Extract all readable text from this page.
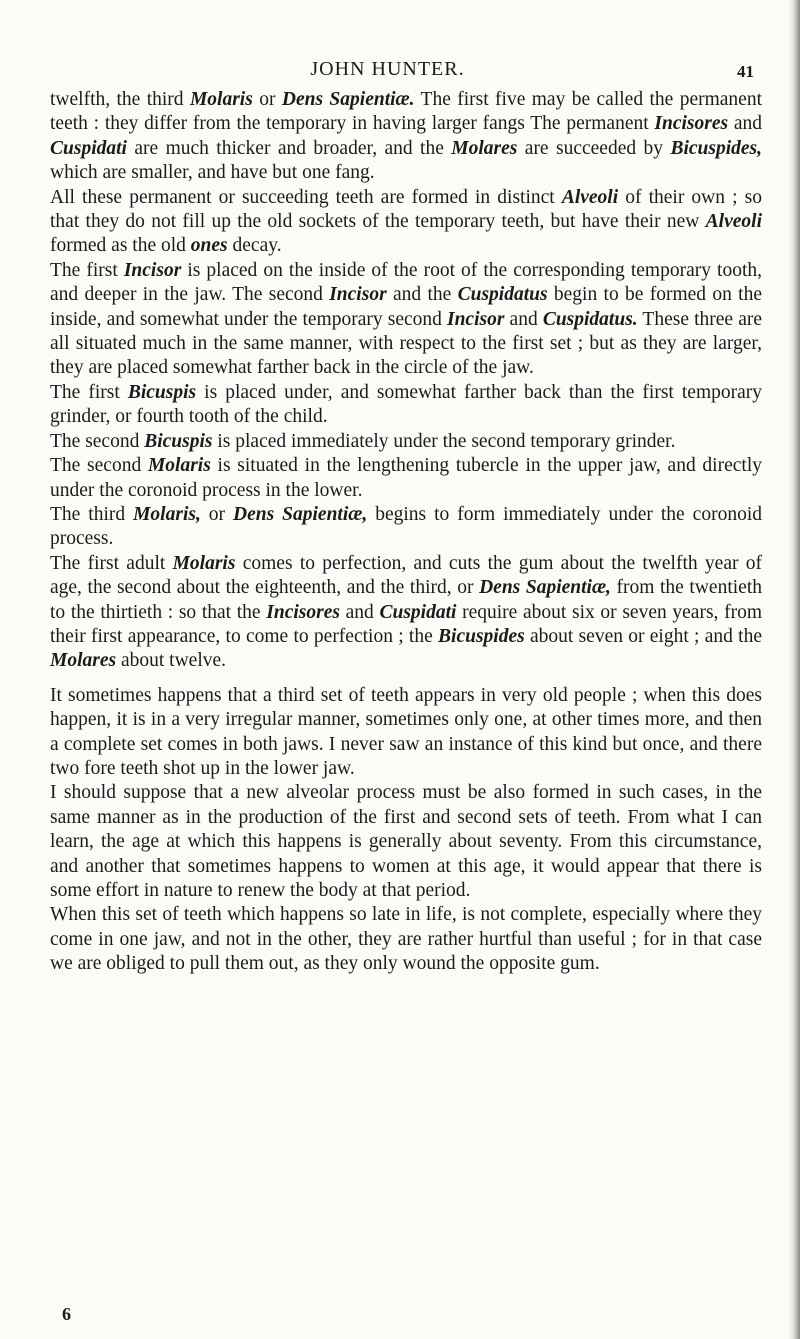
JOHN HUNTER.	41

twelfth, the third Molaris or Dens Sapientiæ. The first five may be called the permanent teeth : they differ from the temporary in having larger fangs The permanent Incisores and Cuspidati are much thicker and broader, and the Molares are succeeded by Bicuspides, which are smaller, and have but one fang.

All these permanent or succeeding teeth are formed in distinct Alveoli of their own ; so that they do not fill up the old sockets of the temporary teeth, but have their new Alveoli formed as the old ones decay.

The first Incisor is placed on the inside of the root of the corresponding temporary tooth, and deeper in the jaw. The second Incisor and the Cuspidatus begin to be formed on the inside, and somewhat under the temporary second Incisor and Cuspidatus. These three are all situated much in the same manner, with respect to the first set ; but as they are larger, they are placed somewhat farther back in the circle of the jaw.

The first Bicuspis is placed under, and somewhat farther back than the first temporary grinder, or fourth tooth of the child.

The second Bicuspis is placed immediately under the second temporary grinder.

The second Molaris is situated in the lengthening tubercle in the upper jaw, and directly under the coronoid process in the lower.

The third Molaris, or Dens Sapientiæ, begins to form immediately under the coronoid process.

The first adult Molaris comes to perfection, and cuts the gum about the twelfth year of age, the second about the eighteenth, and the third, or Dens Sapientiæ, from the twentieth to the thirtieth : so that the Incisores and Cuspidati require about six or seven years, from their first appearance, to come to perfection ; the Bicuspides about seven or eight ; and the Molares about twelve.

It sometimes happens that a third set of teeth appears in very old people ; when this does happen, it is in a very irregular manner, sometimes only one, at other times more, and then a complete set comes in both jaws. I never saw an instance of this kind but once, and there two fore teeth shot up in the lower jaw.

I should suppose that a new alveolar process must be also formed in such cases, in the same manner as in the production of the first and second sets of teeth. From what I can learn, the age at which this happens is generally about seventy. From this circumstance, and another that sometimes happens to women at this age, it would appear that there is some effort in nature to renew the body at that period.

When this set of teeth which happens so late in life, is not complete, especially where they come in one jaw, and not in the other, they are rather hurtful than useful ; for in that case we are obliged to pull them out, as they only wound the opposite gum.

6
